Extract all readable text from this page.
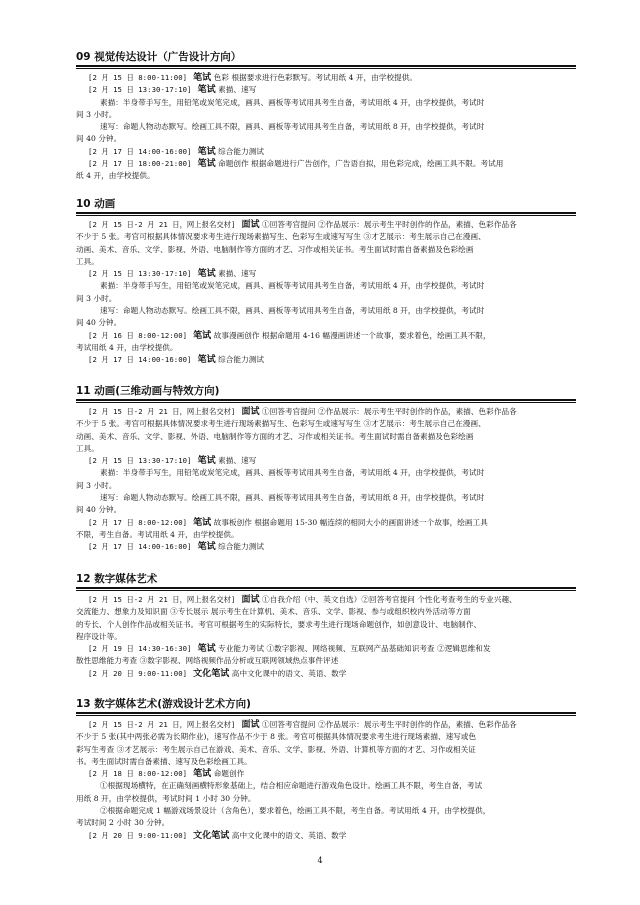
09 视觉传达设计（广告设计方向）
[2 月 15 日 8:00-11:00] 笔试 色彩 根据要求进行色彩默写。考试用纸 4 开，由学校提供。
[2 月 15 日 13:30-17:10] 笔试 素描、速写
素描：半身带手写生，用铅笔或炭笔完成，画具、画板等考试用具考生自备，考试用纸 4 开，由学校提供，考试时
间 3 小时。
速写：命题人物动态默写。绘画工具不限，画具、画板等考试用具考生自备，考试用纸 8 开，由学校提供，考试时
间 40 分钟。
[2 月 17 日 14:00-16:00] 笔试 综合能力测试
[2 月 17 日 18:00-21:00] 笔试 命题创作 根据命题进行广告创作，广告语自拟，用色彩完成，绘画工具不限。考试用
纸 4 开，由学校提供。
10 动画
[2 月 15 日-2 月 21 日，网上报名交材] 面试 ①回答考官提问 ②作品展示：展示考生平时创作的作品，素描、色彩作品各
不少于 5 张。考官可根据具体情况要求考生进行现场素描写生、色彩写生或速写写生 ③才艺展示：考生展示自己在漫画、
动画、美术、音乐、文学、影视、外语、电脑制作等方面的才艺、习作或相关证书。考生面试时需自备素描及色彩绘画
工具。
[2 月 15 日 13:30-17:10] 笔试 素描、速写
素描：半身带手写生，用铅笔或炭笔完成，画具、画板等考试用具考生自备，考试用纸 4 开，由学校提供，考试时
间 3 小时。
速写：命题人物动态默写。绘画工具不限，画具、画板等考试用具考生自备，考试用纸 8 开，由学校提供，考试时
间 40 分钟。
[2 月 16 日 8:00-12:00] 笔试 故事漫画创作 根据命题用 4-16 幅漫画讲述一个故事，要求着色，绘画工具不限，
考试用纸 4 开，由学校提供。
[2 月 17 日 14:00-16:00] 笔试 综合能力测试
11 动画(三维动画与特效方向)
[2 月 15 日-2 月 21 日，网上报名交材] 面试 ①回答考官提问 ②作品展示：展示考生平时创作的作品，素描、色彩作品各
不少于 5 张。考官可根据具体情况要求考生进行现场素描写生、色彩写生或速写写生 ③才艺展示：考生展示自己在漫画、
动画、美术、音乐、文学、影视、外语、电脑制作等方面的才艺、习作或相关证书。考生面试时需自备素描及色彩绘画
工具。
[2 月 15 日 13:30-17:10] 笔试 素描、速写
素描：半身带手写生，用铅笔或炭笔完成，画具、画板等考试用具考生自备，考试用纸 4 开，由学校提供，考试时
间 3 小时。
速写：命题人物动态默写。绘画工具不限，画具、画板等考试用具考生自备，考试用纸 8 开，由学校提供，考试时
间 40 分钟。
[2 月 17 日 8:00-12:00] 笔试 故事板创作 根据命题用 15-30 幅连续的相同大小的画面讲述一个故事，绘画工具
不限，考生自备。考试用纸 4 开，由学校提供。
[2 月 17 日 14:00-16:00] 笔试 综合能力测试
12 数字媒体艺术
[2 月 15 日-2 月 21 日，网上报名交材] 面试 ①自我介绍（中、英文自选）②回答考官提问 个性化考查考生的专业兴趣、
交流能力、想象力及知识面 ③专长展示 展示考生在计算机、美术、音乐、文学、影视、参与或组织校内外活动等方面
的专长、个人创作作品或相关证书。考官可根据考生的实际特长，要求考生进行现场命题创作，如创意设计、电脑制作、
程序设计等。
[2 月 19 日 14:30-16:30] 笔试 专业能力考试 ①数字影视、网络视频、互联网产品基础知识考查 ②逻辑思维和发
散性思维能力考查 ③数字影视、网络视频作品分析或互联网领域热点事件评述
[2 月 20 日 9:00-11:00] 文化笔试 高中文化课中的语文、英语、数学
13 数字媒体艺术(游戏设计艺术方向)
[2 月 15 日-2 月 21 日，网上报名交材] 面试 ①回答考官提问 ②作品展示：展示考生平时创作的作品，素描、色彩作品各
不少于 5 张(其中两张必需为长期作业)，速写作品不少于 8 张。考官可根据具体情况要求考生进行现场素描、速写或色
彩写生考查 ③才艺展示：考生展示自己在游戏、美术、音乐、文学、影视、外语、计算机等方面的才艺、习作或相关证
书。考生面试时需自备素描、速写及色彩绘画工具。
[2 月 18 日 8:00-12:00] 笔试 命题创作
①根据现场横特，在正确刻画横特形象基础上，结合相应命题进行游戏角色设计。绘画工具不限，考生自备，考试
用纸 8 开，由学校提供，考试时间 1 小时 30 分钟。
②根据命题完成 1 幅游戏场景设计（含角色），要求着色，绘画工具不限，考生自备。考试用纸 4 开，由学校提供，
考试时间 2 小时 30 分钟。
[2 月 20 日 9:00-11:00] 文化笔试 高中文化课中的语文、英语、数学
4
